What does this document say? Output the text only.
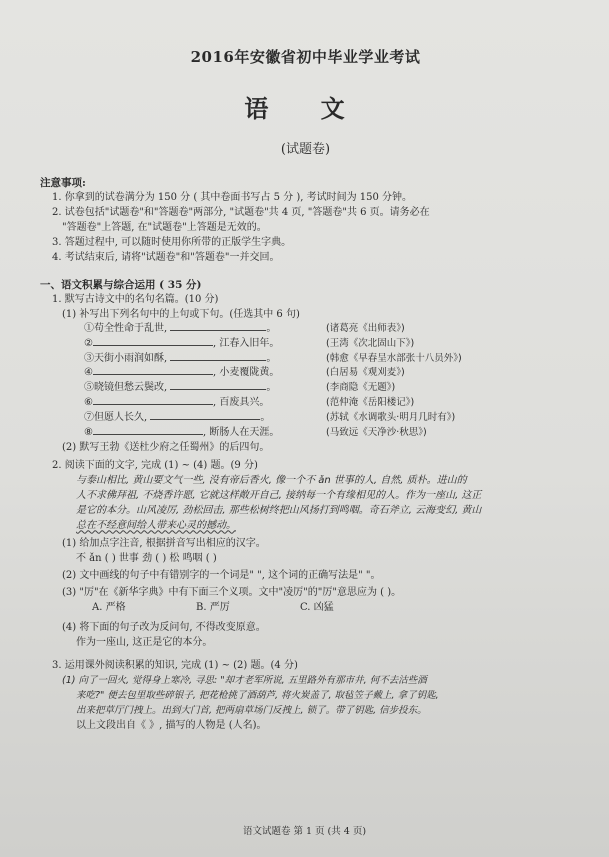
2016年安徽省初中毕业学业考试
语 文
(试题卷)
注意事项:
1. 你拿到的试卷满分为 150 分 ( 其中卷面书写占 5 分 ), 考试时间为 150 分钟。
2. 试卷包括"试题卷"和"答题卷"两部分, "试题卷"共 4 页, "答题卷"共 6 页。请务必在
"答题卷"上答题, 在"试题卷"上答题是无效的。
3. 答题过程中, 可以随时使用你所带的正版学生字典。
4. 考试结束后, 请将"试题卷"和"答题卷"一并交回。
一、语文积累与综合运用 ( 35 分)
1. 默写古诗文中的名句名篇。(10 分)
(1) 补写出下列名句中的上句或下句。(任选其中 6 句)
①苟全性命于乱世,	。	(诸葛亮《出师表》)
②	, 江春入旧年。	(王湾《次北固山下》)
③天街小雨润如酥,	。	(韩愈《早春呈水部张十八员外》)
④	, 小麦覆陇黄。	(白居易《观刈麦》)
⑤晓镜但愁云鬓改,	。	(李商隐《无题》)
⑥	, 百废具兴。	(范仲淹《岳阳楼记》)
⑦但愿人长久,	。	(苏轼《水调歌头·明月几时有》)
⑧	, 断肠人在天涯。	(马致远《天净沙·秋思》)
(2) 默写王勃《送杜少府之任蜀州》的后四句。
2. 阅读下面的文字, 完成 (1) ~ (4) 题。(9 分)
与泰山相比, 黄山要文气一些, 没有帝后香火, 像一个不 ǎn 世事的人, 自然, 质朴。进山的
人不求佛拜祖, 不烧香许愿, 它就这样敞开自己, 接纳每一个有缘相见的人。作为一座山, 这正
是它的本分。山风凌厉, 劲松回击, 那些松树终把山风扬打到鸣咽。奇石斧立, 云海变幻, 黄山
总在不经意间给人带来心灵的撼动。
(1) 给加点字注音, 根据拼音写出相应的汉字。
不 ǎn ( ) 世事 劲 ( ) 松 鸣咽 ( )
(2) 文中画线的句子中有错别字的一个词是" ", 这个词的正确写法是" "。
(3) "厉"在《新华字典》中有下面三个义项。文中"凌厉"的"厉"意思应为 ( )。
A. 严格	B. 严厉	C. 凶猛
(4) 将下面的句子改为反问句, 不得改变原意。
作为一座山, 这正是它的本分。
3. 运用课外阅读积累的知识, 完成 (1) ~ (2) 题。(4 分)
(1) 向了一回火, 觉得身上寒冷, 寻思: "却才老军所说, 五里路外有那市井, 何不去沽些酒
来吃?" 便去包里取些碎银子, 把花枪挑了酒葫芦, 将火炭盖了, 取毡笠子戴上, 拿了钥匙,
出来把草厅门拽上。出到大门首, 把两扇草场门反拽上, 锁了。带了钥匙, 信步投东。
以上文段出自《 》, 描写的人物是 (人名)。
语文试题卷 第 1 页 (共 4 页)
